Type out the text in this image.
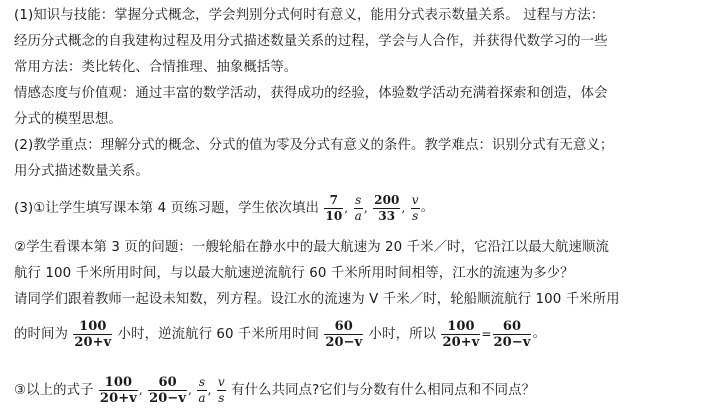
(1)知识与技能：掌握分式概念，学会判别分式何时有意义，能用分式表示数量关系。 过程与方法：
经历分式概念的自我建构过程及用分式描述数量关系的过程，学会与人合作，并获得代数学习的一些
常用方法：类比转化、合情推理、抽象概括等。
情感态度与价值观：通过丰富的数学活动，获得成功的经验，体验数学活动充满着探索和创造，体会
分式的模型思想。
(2)教学重点：理解分式的概念、分式的值为零及分式有意义的条件。教学难点：识别分式有无意义；
用分式描述数量关系。
(3)①让学生填写课本第 4 页练习题，学生依次填出 $\frac{7}{10}$ , $\frac{s}{a}$ , $\frac{200}{33}$ , $\frac{v}{s}$ 。
②学生看课本第 3 页的问题：一艘轮船在静水中的最大航速为 20 千米／时，它沿江以最大航速顺流
航行 100 千米所用时间，与以最大航速逆流航行 60 千米所用时间相等，江水的流速为多少？
请同学们跟着教师一起设未知数，列方程。设江水的流速为 V 千米／时，轮船顺流航行 100 千米所用
的时间为 $\frac{100}{20+v}$ 小时，逆流航行 60 千米所用时间 $\frac{60}{20-v}$ 小时，所以 $\frac{100}{20+v} = \frac{60}{20-v}$ 。
③以上的式子 $\frac{100}{20+v}$ , $\frac{60}{20-v}$ , $\frac{s}{a}$ , $\frac{v}{s}$ 有什么共同点?它们与分数有什么相同点和不同点？
